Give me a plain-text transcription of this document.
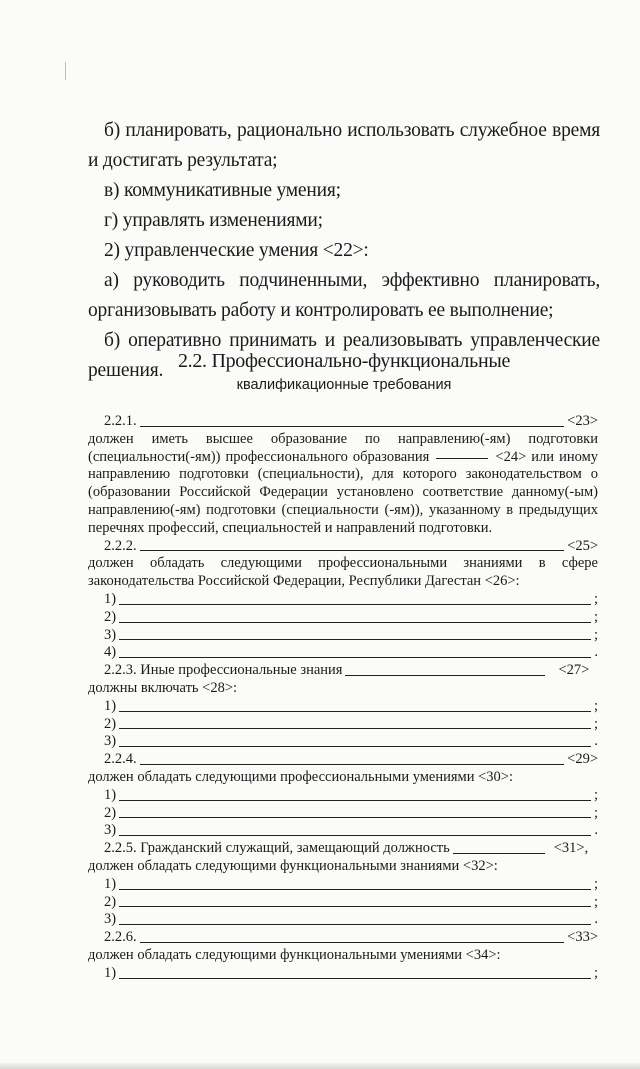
б) планировать, рационально использовать служебное время и достигать результата;

в) коммуникативные умения;

г) управлять изменениями;

2) управленческие умения <22>:

а) руководить подчиненными, эффективно планировать, организовывать работу и контролировать ее выполнение;

б) оперативно принимать и реализовывать управленческие решения. 2.2. Профессионально-функциональные
квалификационные требования
2.2.1.	<23>

должен иметь высшее образование по направлению(-ям) подготовки (специальности(-ям)) профессионального образования	<24> или иному направлению подготовки (специальности), для которого законодательством о (образовании Российской Федерации установлено соответствие данному(-ым) направлению(-ям) подготовки (специальности (-ям)), указанному в предыдущих перечнях профессий, специальностей и направлений подготовки.

2.2.2.	<25>

должен обладать следующими профессиональными знаниями в сфере законодательства Российской Федерации, Республики Дагестан <26>:

1)	;
2)	;
3)	;
4)	.
2.2.3. Иные профессиональные знания	<27>

должны включать <28>:

1)	;
2)	;
3)	.
2.2.4.	<29>

должен обладать следующими профессиональными умениями <30>:

1)	;
2)	;
3)	.
2.2.5. Гражданский служащий, замещающий должность	<31>,

должен обладать следующими функциональными знаниями <32>:

1)	;
2)	;
3)	.
2.2.6.	<33>

должен обладать следующими функциональными умениями <34>:

1)	;
